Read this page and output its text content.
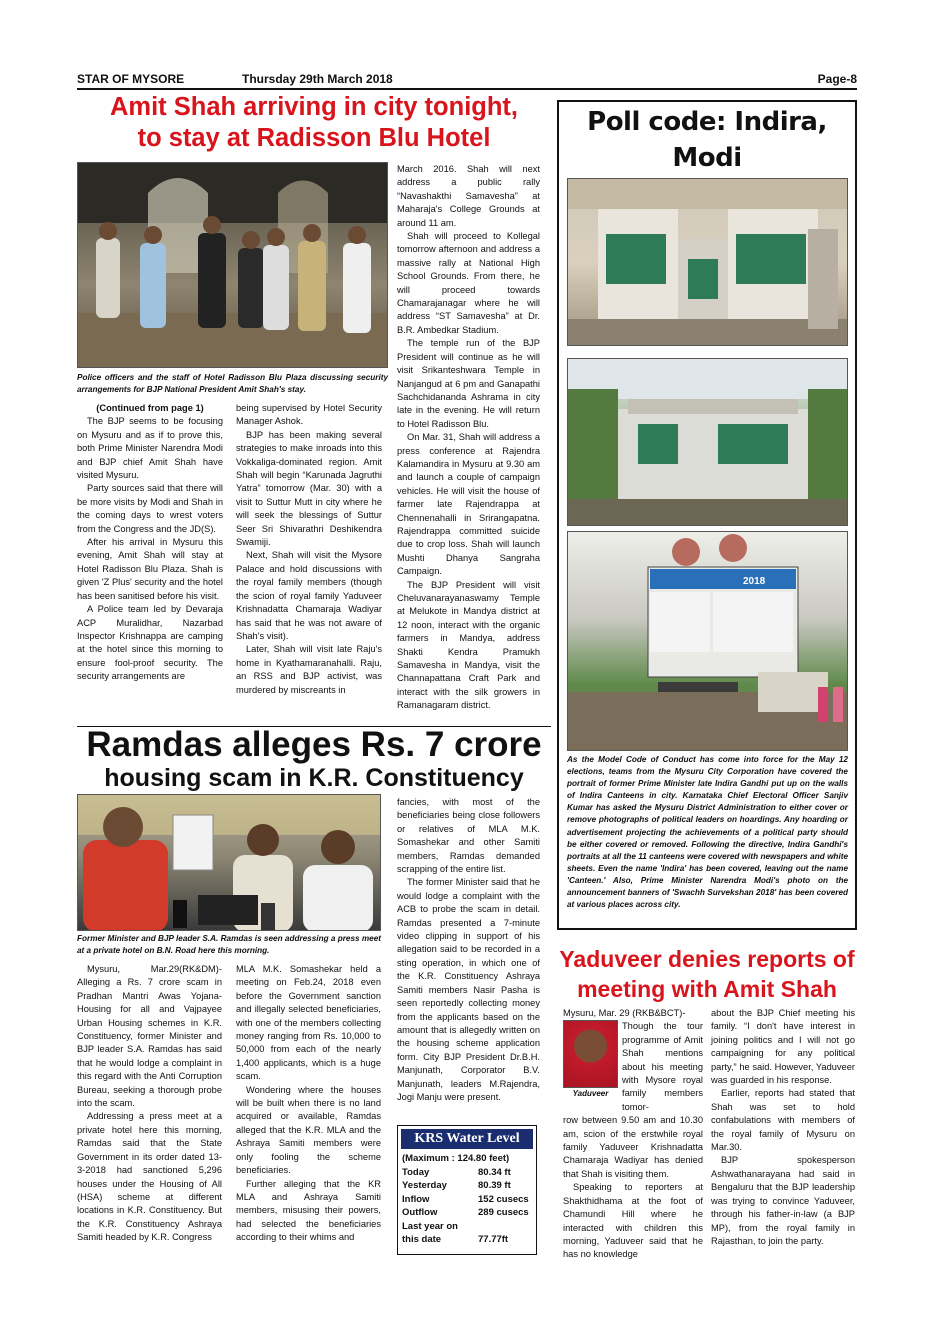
STAR OF MYSORE	Thursday 29th March 2018	Page-8
Amit Shah arriving in city tonight,
to stay at Radisson Blu Hotel
Police officers and the staff of Hotel Radisson Blu Plaza discussing security arrangements for BJP National President Amit Shah's stay.

(Continued from page 1)

The BJP seems to be focusing on Mysuru and as if to prove this, both Prime Minister Narendra Modi and BJP chief Amit Shah have visited Mysuru.

Party sources said that there will be more visits by Modi and Shah in the coming days to wrest voters from the Congress and the JD(S).

After his arrival in Mysuru this evening, Amit Shah will stay at Hotel Radisson Blu Plaza. Shah is given 'Z Plus' security and the hotel has been sanitised before his visit.

A Police team led by Devaraja ACP Muralidhar, Nazarbad Inspector Krishnappa are camping at the hotel since this morning to ensure fool-proof security. The security arrangements are

being supervised by Hotel Security Manager Ashok.

BJP has been making several strategies to make inroads into this Vokkaliga-dominated region. Amit Shah will begin “Karunada Jagruthi Yatra” tomorrow (Mar. 30) with a visit to Suttur Mutt in city where he will seek the blessings of Suttur Seer Sri Shivarathri Deshikendra Swamiji.

Next, Shah will visit the Mysore Palace and hold discussions with the royal family members (though the scion of royal family Yaduveer Krishnadatta Chamaraja Wadiyar has said that he was not aware of Shah's visit).

Later, Shah will visit late Raju's home in Kyathamaranahalli. Raju, an RSS and BJP activist, was murdered by miscreants in

March 2016. Shah will next address a public rally “Navashakthi Samavesha” at Maharaja's College Grounds at around 11 am.

Shah will proceed to Kollegal tomorrow afternoon and address a massive rally at National High School Grounds. From there, he will proceed towards Chamarajanagar where he will address “ST Samavesha” at Dr. B.R. Ambedkar Stadium.

The temple run of the BJP President will continue as he will visit Srikanteshwara Temple in Nanjangud at 6 pm and Ganapathi Sachchidananda Ashrama in city late in the evening. He will return to Hotel Radisson Blu.

On Mar. 31, Shah will address a press conference at Rajendra Kalamandira in Mysuru at 9.30 am and launch a couple of campaign vehicles. He will visit the house of farmer late Rajendrappa at Chennenahalli in Srirangapatna. Rajendrappa committed suicide due to crop loss. Shah will launch Mushti Dhanya Sangraha Campaign.

The BJP President will visit Cheluvanarayanaswamy Temple at Melukote in Mandya district at 12 noon, interact with the organic farmers in Mandya, address Shakti Kendra Pramukh Samavesha in Mandya, visit the Channapattana Craft Park and interact with the silk growers in Ramanagaram district.

Ramdas alleges Rs. 7 crore
housing scam in K.R. Constituency
Former Minister and BJP leader S.A. Ramdas is seen addressing a press meet at a private hotel on B.N. Road here this morning.

Mysuru, Mar.29(RK&DM)- Alleging a Rs. 7 crore scam in Pradhan Mantri Awas Yojana-Housing for all and Vajpayee Urban Housing schemes in K.R. Constituency, former Minister and BJP leader S.A. Ramdas has said that he would lodge a complaint in this regard with the Anti Corruption Bureau, seeking a thorough probe into the scam.

Addressing a press meet at a private hotel here this morning, Ramdas said that the State Government in its order dated 13-3-2018 had sanctioned 5,296 houses under the Housing of All (HSA) scheme at different locations in K.R. Constituency. But the K.R. Constituency Ashraya Samiti headed by K.R. Congress

MLA M.K. Somashekar held a meeting on Feb.24, 2018 even before the Government sanction and illegally selected beneficiaries, with one of the members collecting money ranging from Rs. 10,000 to 50,000 from each of the nearly 1,400 applicants, which is a huge scam.

Wondering where the houses will be built when there is no land acquired or available, Ramdas alleged that the K.R. MLA and the Ashraya Samiti members were only fooling the scheme beneficiaries.

Further alleging that the KR MLA and Ashraya Samiti members, misusing their powers, had selected the beneficiaries according to their whims and

fancies, with most of the beneficiaries being close followers or relatives of MLA M.K. Somashekar and other Samiti members, Ramdas demanded scrapping of the entire list.

The former Minister said that he would lodge a complaint with the ACB to probe the scam in detail. Ramdas presented a 7-minute video clipping in support of his allegation said to be recorded in a sting operation, in which one of the K.R. Constituency Ashraya Samiti members Nasir Pasha is seen reportedly collecting money from the applicants based on the amount that is allegedly written on the housing scheme application form. City BJP President Dr.B.H. Manjunath, Corporator B.V. Manjunath, leaders M.Rajendra, Jogi Manju were present.

KRS Water Level
(Maximum : 124.80 feet)
Today	80.34 ft
Yesterday	80.39 ft
Inflow	152 cusecs
Outflow	289 cusecs
Last year on
this date	77.77ft
Poll code: Indira, Modi
2018
As the Model Code of Conduct has come into force for the May 12 elections, teams from the Mysuru City Corporation have covered the portrait of former Prime Minister late Indira Gandhi put up on the walls of Indira Canteens in city. Karnataka Chief Electoral Officer Sanjiv Kumar has asked the Mysuru District Administration to either cover or remove photographs of political leaders on hoardings. Any hoarding or advertisement projecting the achievements of a political party should be either covered or removed. Following the directive, Indira Gandhi's portraits at all the 11 canteens were covered with newspapers and white sheets. Even the name 'Indira' has been covered, leaving out the name 'Canteen.' Also, Prime Minister Narendra Modi's photo on the announcement banners of 'Swachh Survekshan 2018' has been covered at various places across city.
Yaduveer denies reports of
meeting with Amit Shah

Mysuru, Mar. 29 (RKB&BCT)-

Yaduveer

Though the tour programme of Amit Shah mentions about his meeting with Mysore royal family members tomor-

row between 9.50 am and 10.30 am, scion of the erstwhile royal family Yaduveer Krishnadatta Chamaraja Wadiyar has denied that Shah is visiting them.

Speaking to reporters at Shakthidhama at the foot of Chamundi Hill where he interacted with children this morning, Yaduveer said that he has no knowledge

about the BJP Chief meeting his family. “I don't have interest in joining politics and I will not go campaigning for any political party,” he said. However, Yaduveer was guarded in his response.

Earlier, reports had stated that Shah was set to hold confabulations with members of the royal family of Mysuru on Mar.30.

BJP spokesperson Ashwathanarayana had said in Bengaluru that the BJP leadership was trying to convince Yaduveer, through his father-in-law (a BJP MP), from the royal family in Rajasthan, to join the party.
